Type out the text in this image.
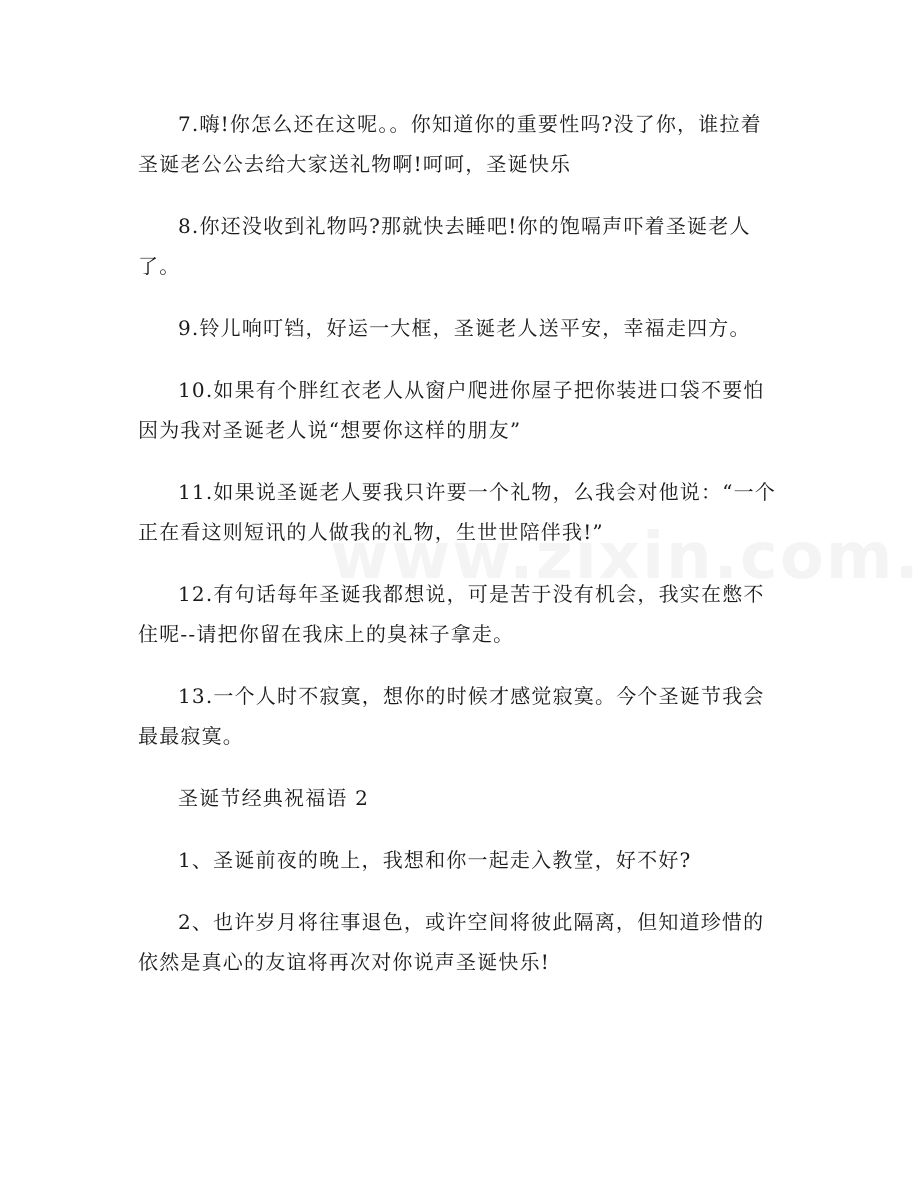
7.嗨!你怎么还在这呢。。你知道你的重要性吗?没了你，谁拉着圣诞老公公去给大家送礼物啊!呵呵，圣诞快乐

8.你还没收到礼物吗?那就快去睡吧!你的饱嗝声吓着圣诞老人了。

9.铃儿响叮铛，好运一大框，圣诞老人送平安，幸福走四方。

10.如果有个胖红衣老人从窗户爬进你屋子把你装进口袋不要怕因为我对圣诞老人说“想要你这样的朋友”

11.如果说圣诞老人要我只许要一个礼物，么我会对他说：“一个正在看这则短讯的人做我的礼物，生世世陪伴我!”

12.有句话每年圣诞我都想说，可是苦于没有机会，我实在憋不住呢--请把你留在我床上的臭袜子拿走。

13.一个人时不寂寞，想你的时候才感觉寂寞。今个圣诞节我会最最寂寞。

圣诞节经典祝福语 2

1、圣诞前夜的晚上，我想和你一起走入教堂，好不好?

2、也许岁月将往事退色，或许空间将彼此隔离，但知道珍惜的依然是真心的友谊将再次对你说声圣诞快乐!
